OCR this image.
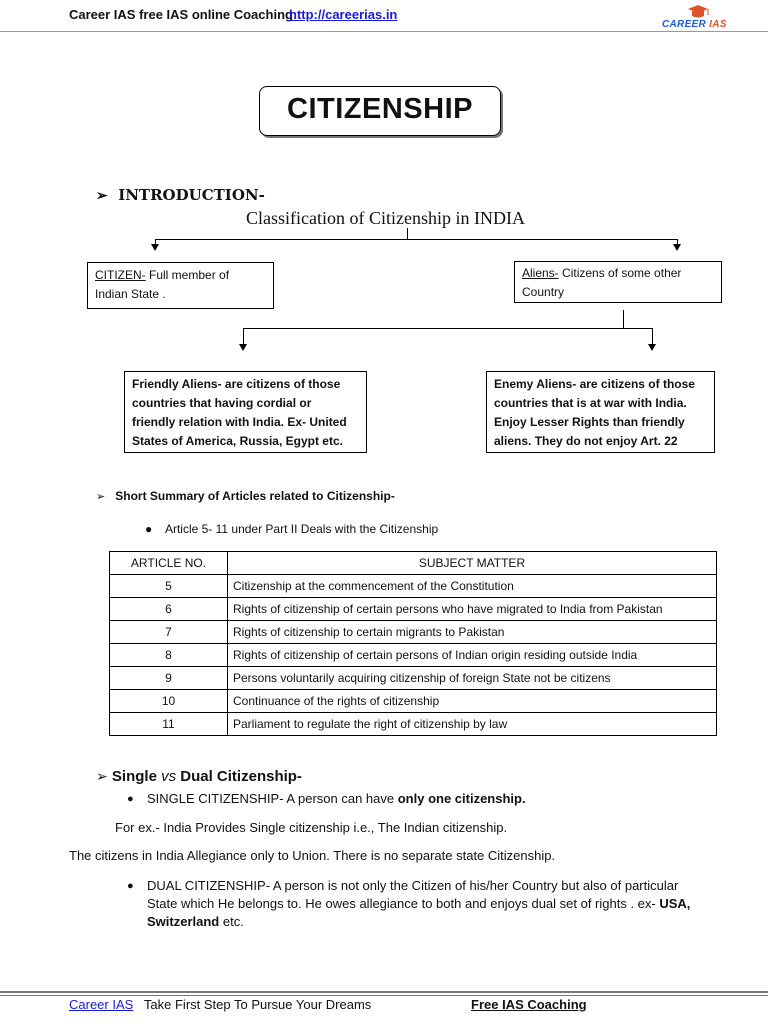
Career IAS free IAS online Coaching
http://careerias.in
CAREER IAS
CITIZENSHIP
➢ INTRODUCTION-
Classification of Citizenship in INDIA
CITIZEN- Full member of
Indian State .
Aliens- Citizens of some other
Country
Friendly Aliens- are citizens of those
countries that having cordial or
friendly relation with India. Ex- United
States of America, Russia, Egypt etc.
Enemy Aliens- are citizens of those
countries that is at war with India.
Enjoy Lesser Rights than friendly
aliens. They do not enjoy Art. 22
➢ Short Summary of Articles related to Citizenship-
● Article 5- 11 under Part II Deals with the Citizenship
ARTICLE NO.	SUBJECT MATTER
5	Citizenship at the commencement of the Constitution
6	Rights of citizenship of certain persons who have migrated to India from Pakistan
7	Rights of citizenship to certain migrants to Pakistan
8	Rights of citizenship of certain persons of Indian origin residing outside India
9	Persons voluntarily acquiring citizenship of foreign State not be citizens
10	Continuance of the rights of citizenship
11	Parliament to regulate the right of citizenship by law
➢ Single vs Dual Citizenship-
● SINGLE CITIZENSHIP- A person can have only one citizenship.
For ex.- India Provides Single citizenship i.e., The Indian citizenship.
The citizens in India Allegiance only to Union. There is no separate state Citizenship.
● DUAL CITIZENSHIP- A person is not only the Citizen of his/her Country but also of particular State which He belongs to. He owes allegiance to both and enjoys dual set of rights . ex- USA, Switzerland etc.
Career IAS   Take First Step To Pursue Your Dreams	Free IAS Coaching
